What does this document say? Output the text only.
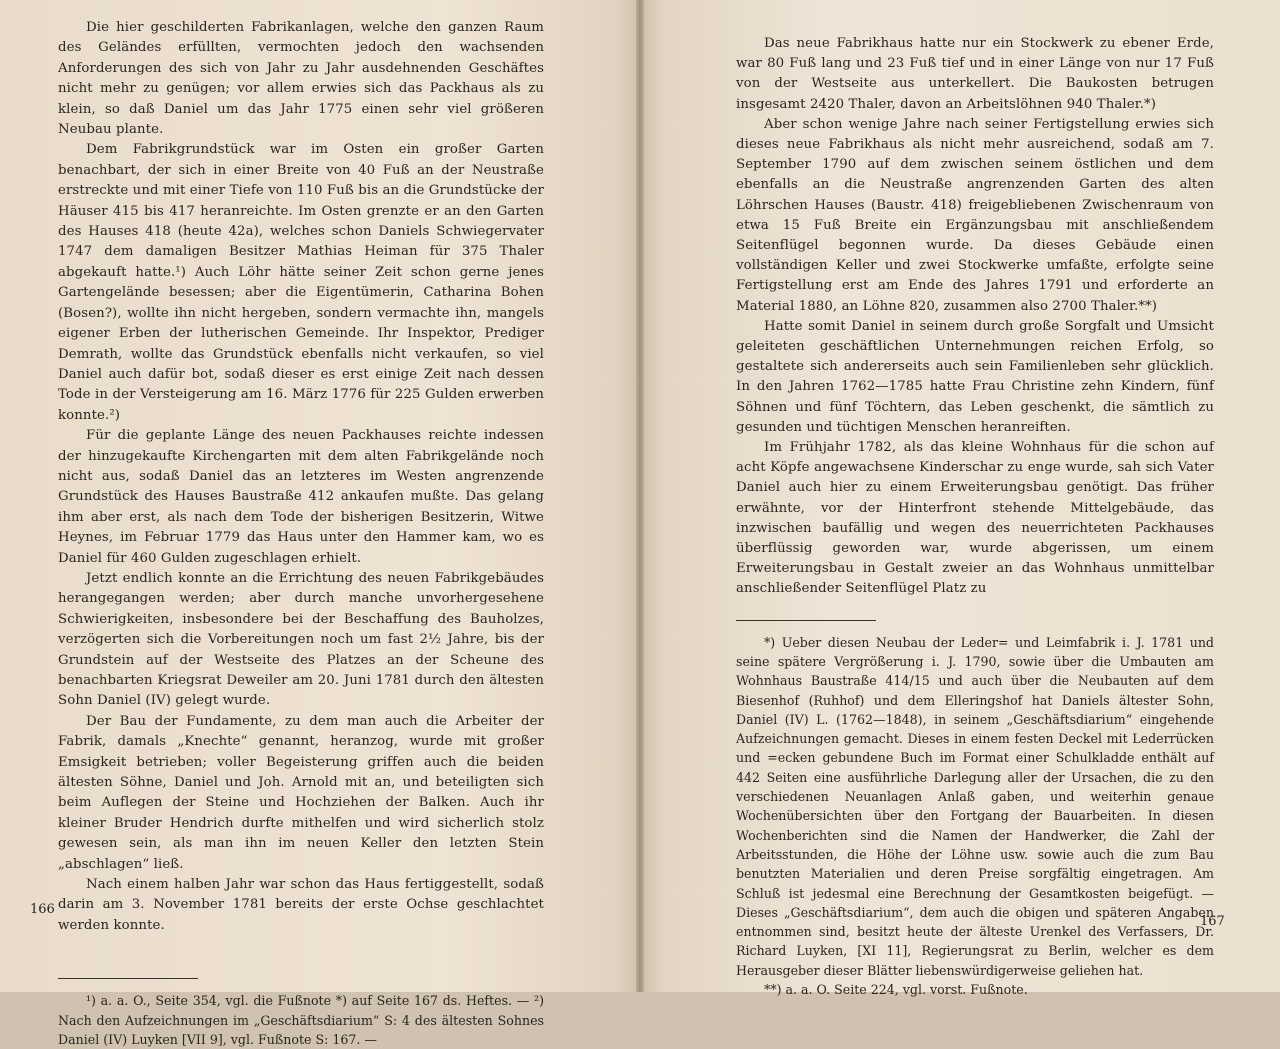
Die hier geschilderten Fabrikanlagen, welche den ganzen Raum des Geländes erfüllten, vermochten jedoch den wachsenden Anforderungen des sich von Jahr zu Jahr ausdehnenden Geschäftes nicht mehr zu genügen; vor allem erwies sich das Packhaus als zu klein, so daß Daniel um das Jahr 1775 einen sehr viel größeren Neubau plante.

Dem Fabrikgrundstück war im Osten ein großer Garten benachbart, der sich in einer Breite von 40 Fuß an der Neustraße erstreckte und mit einer Tiefe von 110 Fuß bis an die Grundstücke der Häuser 415 bis 417 heranreichte. Im Osten grenzte er an den Garten des Hauses 418 (heute 42a), welches schon Daniels Schwiegervater 1747 dem damaligen Besitzer Mathias Heiman für 375 Thaler abgekauft hatte.¹) Auch Löhr hätte seiner Zeit schon gerne jenes Gartengelände besessen; aber die Eigentümerin, Catharina Bohen (Bosen?), wollte ihn nicht hergeben, sondern vermachte ihn, mangels eigener Erben der lutherischen Gemeinde. Ihr Inspektor, Prediger Demrath, wollte das Grundstück ebenfalls nicht verkaufen, so viel Daniel auch dafür bot, sodaß dieser es erst einige Zeit nach dessen Tode in der Versteigerung am 16. März 1776 für 225 Gulden erwerben konnte.²)

Für die geplante Länge des neuen Packhauses reichte indessen der hinzugekaufte Kirchengarten mit dem alten Fabrikgelände noch nicht aus, sodaß Daniel das an letzteres im Westen angrenzende Grundstück des Hauses Baustraße 412 ankaufen mußte. Das gelang ihm aber erst, als nach dem Tode der bisherigen Besitzerin, Witwe Heynes, im Februar 1779 das Haus unter den Hammer kam, wo es Daniel für 460 Gulden zugeschlagen erhielt.

Jetzt endlich konnte an die Errichtung des neuen Fabrikgebäudes herangegangen werden; aber durch manche unvorhergesehene Schwierigkeiten, insbesondere bei der Beschaffung des Bauholzes, verzögerten sich die Vorbereitungen noch um fast 2½ Jahre, bis der Grundstein auf der Westseite des Platzes an der Scheune des benachbarten Kriegsrat Deweiler am 20. Juni 1781 durch den ältesten Sohn Daniel (IV) gelegt wurde.

Der Bau der Fundamente, zu dem man auch die Arbeiter der Fabrik, damals „Knechte“ genannt, heranzog, wurde mit großer Emsigkeit betrieben; voller Begeisterung griffen auch die beiden ältesten Söhne, Daniel und Joh. Arnold mit an, und beteiligten sich beim Auflegen der Steine und Hochziehen der Balken. Auch ihr kleiner Bruder Hendrich durfte mithelfen und wird sicherlich stolz gewesen sein, als man ihn im neuen Keller den letzten Stein „abschlagen“ ließ.

Nach einem halben Jahr war schon das Haus fertiggestellt, sodaß darin am 3. November 1781 bereits der erste Ochse geschlachtet werden konnte.

¹) a. a. O., Seite 354, vgl. die Fußnote *) auf Seite 167 ds. Heftes. — ²) Nach den Aufzeichnungen im „Geschäftsdiarium“ S: 4 des ältesten Sohnes Daniel (IV) Luyken [VII 9], vgl. Fußnote S: 167. —

166

Das neue Fabrikhaus hatte nur ein Stockwerk zu ebener Erde, war 80 Fuß lang und 23 Fuß tief und in einer Länge von nur 17 Fuß von der Westseite aus unterkellert. Die Baukosten betrugen insgesamt 2420 Thaler, davon an Arbeitslöhnen 940 Thaler.*)

Aber schon wenige Jahre nach seiner Fertigstellung erwies sich dieses neue Fabrikhaus als nicht mehr ausreichend, sodaß am 7. September 1790 auf dem zwischen seinem östlichen und dem ebenfalls an die Neustraße angrenzenden Garten des alten Löhrschen Hauses (Baustr. 418) freigebliebenen Zwischenraum von etwa 15 Fuß Breite ein Ergänzungsbau mit anschließendem Seitenflügel begonnen wurde. Da dieses Gebäude einen vollständigen Keller und zwei Stockwerke umfaßte, erfolgte seine Fertigstellung erst am Ende des Jahres 1791 und erforderte an Material 1880, an Löhne 820, zusammen also 2700 Thaler.**)

Hatte somit Daniel in seinem durch große Sorgfalt und Umsicht geleiteten geschäftlichen Unternehmungen reichen Erfolg, so gestaltete sich andererseits auch sein Familienleben sehr glücklich. In den Jahren 1762—1785 hatte Frau Christine zehn Kindern, fünf Söhnen und fünf Töchtern, das Leben geschenkt, die sämtlich zu gesunden und tüchtigen Menschen heranreiften.

Im Frühjahr 1782, als das kleine Wohnhaus für die schon auf acht Köpfe angewachsene Kinderschar zu enge wurde, sah sich Vater Daniel auch hier zu einem Erweiterungsbau genötigt. Das früher erwähnte, vor der Hinterfront stehende Mittelgebäude, das inzwischen baufällig und wegen des neuerrichteten Packhauses überflüssig geworden war, wurde abgerissen, um einem Erweiterungsbau in Gestalt zweier an das Wohnhaus unmittelbar anschließender Seitenflügel Platz zu

*) Ueber diesen Neubau der Leder= und Leimfabrik i. J. 1781 und seine spätere Vergrößerung i. J. 1790, sowie über die Umbauten am Wohnhaus Baustraße 414/15 und auch über die Neubauten auf dem Biesenhof (Ruhhof) und dem Elleringshof hat Daniels ältester Sohn, Daniel (IV) L. (1762—1848), in seinem „Geschäftsdiarium“ eingehende Aufzeichnungen gemacht. Dieses in einem festen Deckel mit Lederrücken und =ecken gebundene Buch im Format einer Schulkladde enthält auf 442 Seiten eine ausführliche Darlegung aller der Ursachen, die zu den verschiedenen Neuanlagen Anlaß gaben, und weiterhin genaue Wochenübersichten über den Fortgang der Bauarbeiten. In diesen Wochenberichten sind die Namen der Handwerker, die Zahl der Arbeitsstunden, die Höhe der Löhne usw. sowie auch die zum Bau benutzten Materialien und deren Preise sorgfältig eingetragen. Am Schluß ist jedesmal eine Berechnung der Gesamtkosten beigefügt. — Dieses „Geschäftsdiarium“, dem auch die obigen und späteren Angaben entnommen sind, besitzt heute der älteste Urenkel des Verfassers, Dr. Richard Luyken, [XI 11], Regierungsrat zu Berlin, welcher es dem Herausgeber dieser Blätter liebenswürdigerweise geliehen hat.

**) a. a. O. Seite 224, vgl. vorst. Fußnote.

167
